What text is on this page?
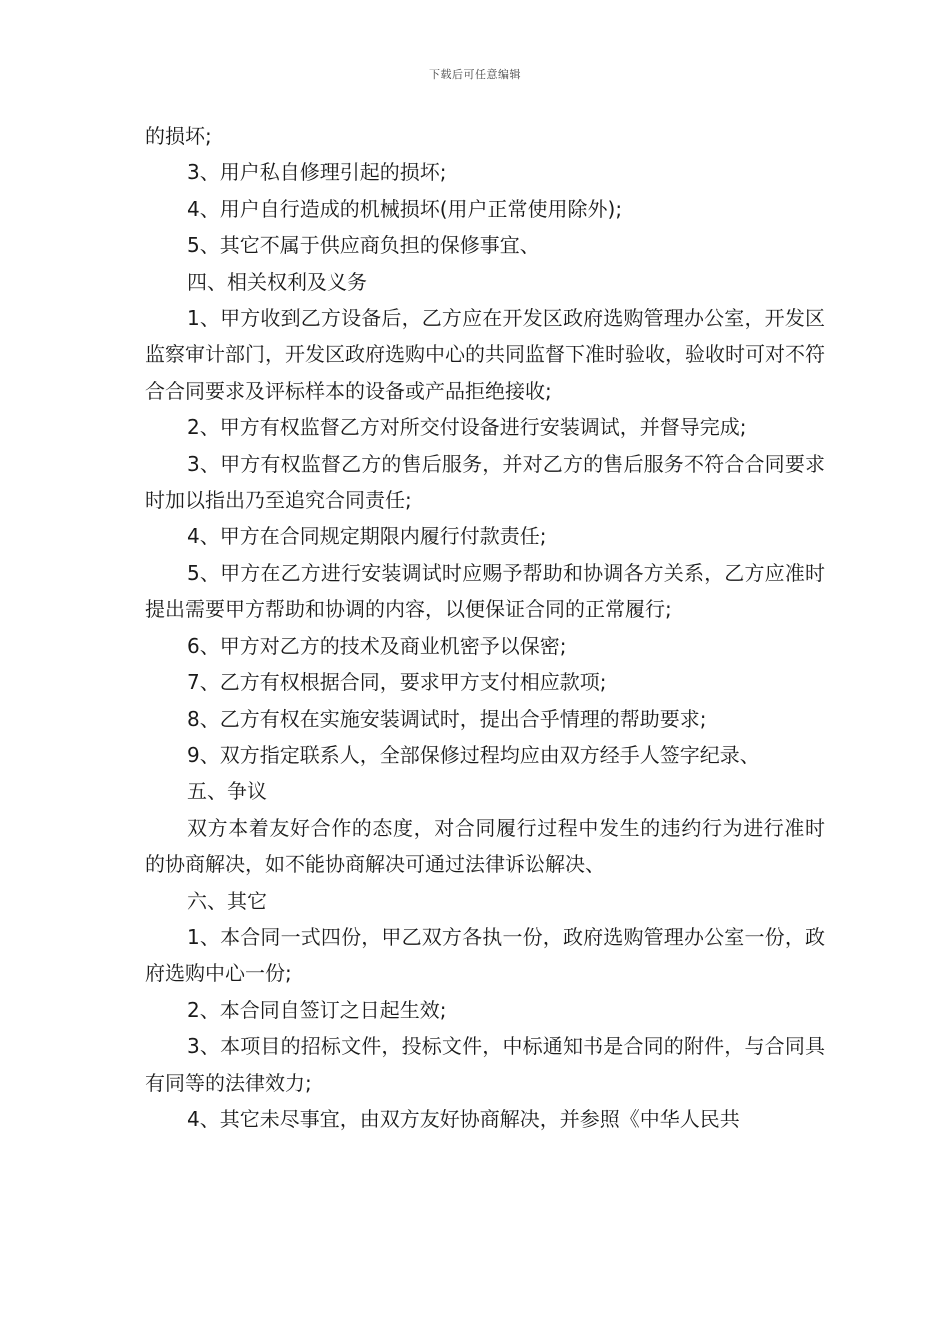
下载后可任意编辑

的损坏;

3、用户私自修理引起的损坏;

4、用户自行造成的机械损坏(用户正常使用除外);

5、其它不属于供应商负担的保修事宜、

四、相关权利及义务

1、甲方收到乙方设备后，乙方应在开发区政府选购管理办公室，开发区监察审计部门，开发区政府选购中心的共同监督下准时验收，验收时可对不符合合同要求及评标样本的设备或产品拒绝接收;

2、甲方有权监督乙方对所交付设备进行安装调试，并督导完成;

3、甲方有权监督乙方的售后服务，并对乙方的售后服务不符合合同要求时加以指出乃至追究合同责任;

4、甲方在合同规定期限内履行付款责任;

5、甲方在乙方进行安装调试时应赐予帮助和协调各方关系，乙方应准时提出需要甲方帮助和协调的内容，以便保证合同的正常履行;

6、甲方对乙方的技术及商业机密予以保密;

7、乙方有权根据合同，要求甲方支付相应款项;

8、乙方有权在实施安装调试时，提出合乎情理的帮助要求;

9、双方指定联系人，全部保修过程均应由双方经手人签字纪录、

五、争议

双方本着友好合作的态度，对合同履行过程中发生的违约行为进行准时的协商解决，如不能协商解决可通过法律诉讼解决、

六、其它

1、本合同一式四份，甲乙双方各执一份，政府选购管理办公室一份，政府选购中心一份;

2、本合同自签订之日起生效;

3、本项目的招标文件，投标文件，中标通知书是合同的附件，与合同具有同等的法律效力;

4、其它未尽事宜，由双方友好协商解决，并参照《中华人民共
